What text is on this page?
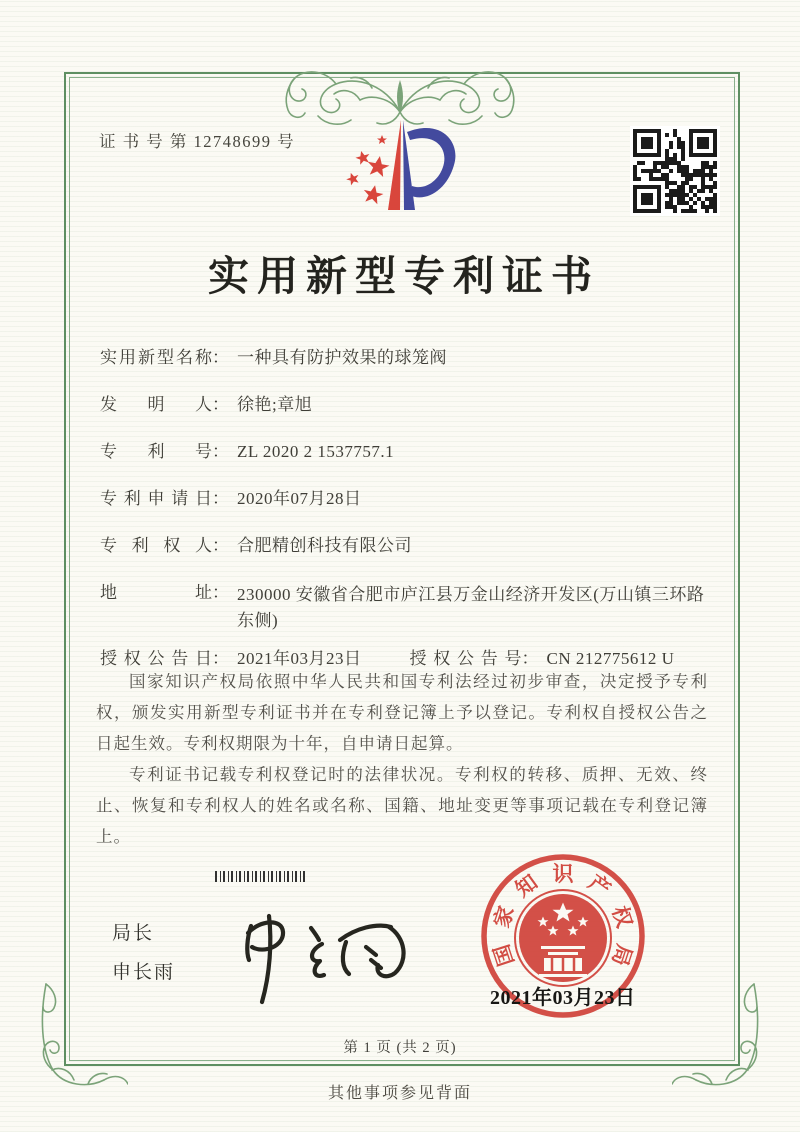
证 书 号 第 12748699 号
实用新型专利证书
实用新型名称 ： 一种具有防护效果的球笼阀
发明人 ： 徐艳;章旭
专利号 ： ZL 2020 2 1537757.1
专利申请日 ： 2020年07月28日
专利权人 ： 合肥精创科技有限公司
地址 ： 230000 安徽省合肥市庐江县万金山经济开发区(万山镇三环路东侧)
授权公告日 ： 2021年03月23日	授权公告号 ： CN 212775612 U

国家知识产权局依照中华人民共和国专利法经过初步审查，决定授予专利权，颁发实用新型专利证书并在专利登记簿上予以登记。专利权自授权公告之日起生效。专利权期限为十年，自申请日起算。

专利证书记载专利权登记时的法律状况。专利权的转移、质押、无效、终止、恢复和专利权人的姓名或名称、国籍、地址变更等事项记载在专利登记簿上。

局长
申长雨
国
家
知 识 产
权
局
2021年03月23日
第 1 页 (共 2 页)
其他事项参见背面
